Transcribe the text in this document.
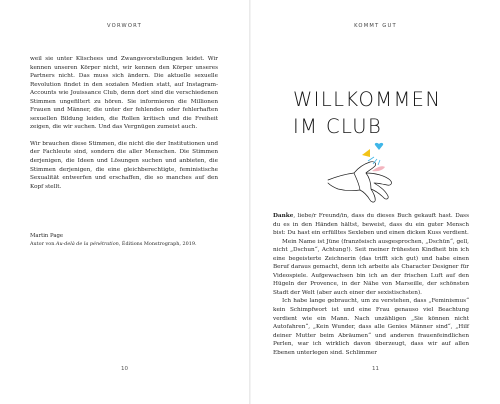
VORWORT

weil sie unter Klischees und Zwangsvorstellungen leidet. Wir kennen unseren Körper nicht, wir kennen den Körper unseres Partners nicht. Das muss sich ändern. Die aktuelle sexuelle Revolution findet in den sozialen Medien statt, auf Instagram-Accounts wie Jouissance Club, denn dort sind die verschiedenen Stimmen ungefiltert zu hören. Sie informieren die Millionen Frauen und Männer, die unter der fehlenden oder fehlerhaften sexuellen Bildung leiden, die Rollen kritisch und die Freiheit zeigen, die wir suchen. Und das Vergnügen zumeist auch.

Wir brauchen diese Stimmen, die nicht die der Institutionen und der Fachleute sind, sondern die aller Menschen. Die Stimmen derjenigen, die Ideen und Lösungen suchen und anbieten, die Stimmen derjenigen, die eine gleichberechtigte, feministische Sexualität entwerfen und erschaffen, die so manches auf den Kopf stellt.

Martin Page
Autor von Au-delà de la pénétration, Éditions Monstrograph, 2019.
10
KOMMT GUT
WILLKOMMEN
IM CLUB

Danke, liebe/r Freund/in, dass du dieses Buch gekauft hast. Dass du es in den Händen hältst, beweist, dass du ein guter Mensch bist: Du hast ein erfülltes Sexleben und einen dicken Kuss verdient.

Mein Name ist Jüne (französisch ausgesprochen, „Dschün“, gell, nicht „Dschun“, Achtung!). Seit meiner frühesten Kindheit bin ich eine begeisterte Zeichnerin (das trifft sich gut) und habe einen Beruf daraus gemacht, denn ich arbeite als Character Designer für Videospiele. Aufgewachsen bin ich an der frischen Luft auf den Hügeln der Provence, in der Nähe von Marseille, der schönsten Stadt der Welt (aber auch einer der sexistischsten).

Ich habe lange gebraucht, um zu verstehen, dass „Feminismus“ kein Schimpfwort ist und eine Frau genauso viel Beachtung verdient wie ein Mann. Nach unzähligen „Sie können nicht Autofahren“, „Kein Wunder, dass alle Genies Männer sind“, „Hilf deiner Mutter beim Abräumen“ und anderen frauenfeindlichen Perlen, war ich wirklich davon überzeugt, dass wir auf allen Ebenen unterlegen sind. Schlimmer

11
